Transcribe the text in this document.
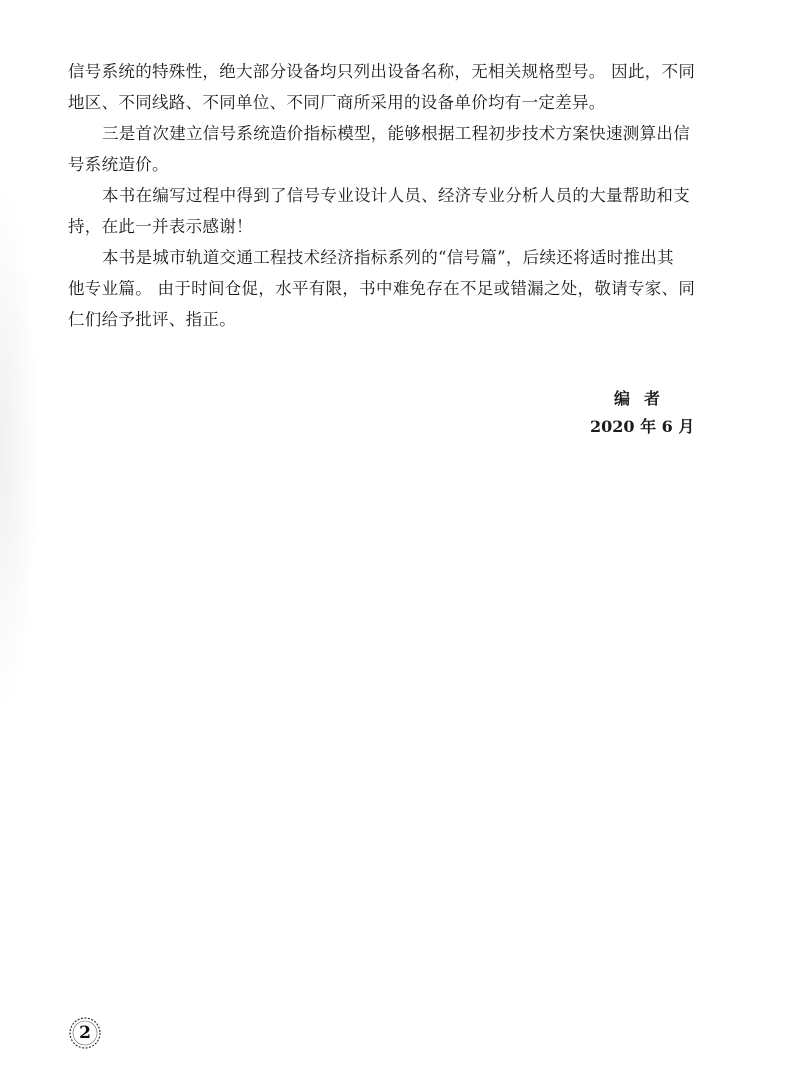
信号系统的特殊性，绝大部分设备均只列出设备名称，无相关规格型号。 因此，不同
地区、不同线路、不同单位、不同厂商所采用的设备单价均有一定差异。

三是首次建立信号系统造价指标模型，能够根据工程初步技术方案快速测算出信
号系统造价。

本书在编写过程中得到了信号专业设计人员、经济专业分析人员的大量帮助和支
持，在此一并表示感谢！

本书是城市轨道交通工程技术经济指标系列的“信号篇”，后续还将适时推出其
他专业篇。 由于时间仓促，水平有限，书中难免存在不足或错漏之处，敬请专家、同
仁们给予批评、指正。

编者
2020 年 6 月
2
